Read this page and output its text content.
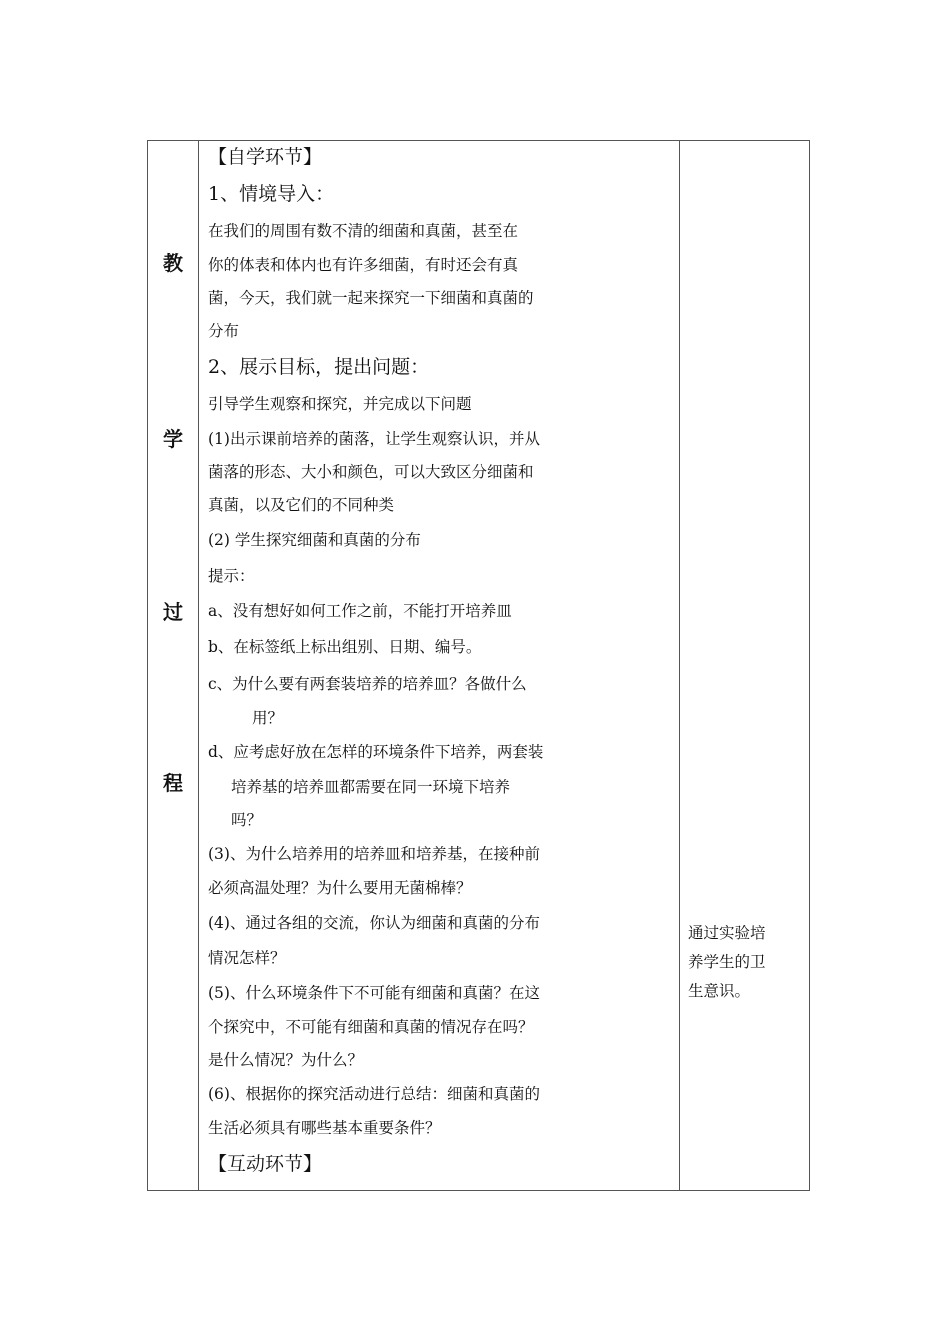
教
学
过
程
【自学环节】
1、情境导入：
在我们的周围有数不清的细菌和真菌，甚至在
你的体表和体内也有许多细菌，有时还会有真
菌，今天，我们就一起来探究一下细菌和真菌的
分布
2、展示目标，提出问题：
引导学生观察和探究，并完成以下问题
(1)出示课前培养的菌落，让学生观察认识，并从
菌落的形态、大小和颜色，可以大致区分细菌和
真菌，以及它们的不同种类
(2) 学生探究细菌和真菌的分布
提示：
a、没有想好如何工作之前，不能打开培养皿
b、在标签纸上标出组别、日期、编号。
c、为什么要有两套装培养的培养皿？各做什么
用？
d、应考虑好放在怎样的环境条件下培养，两套装
培养基的培养皿都需要在同一环境下培养
吗？
(3)、为什么培养用的培养皿和培养基，在接种前
必须高温处理？为什么要用无菌棉棒？
(4)、通过各组的交流，你认为细菌和真菌的分布
情况怎样？
(5)、什么环境条件下不可能有细菌和真菌？在这
个探究中，不可能有细菌和真菌的情况存在吗？
是什么情况？为什么？
(6)、根据你的探究活动进行总结：细菌和真菌的
生活必须具有哪些基本重要条件？
【互动环节】
通过实验培
养学生的卫
生意识。
